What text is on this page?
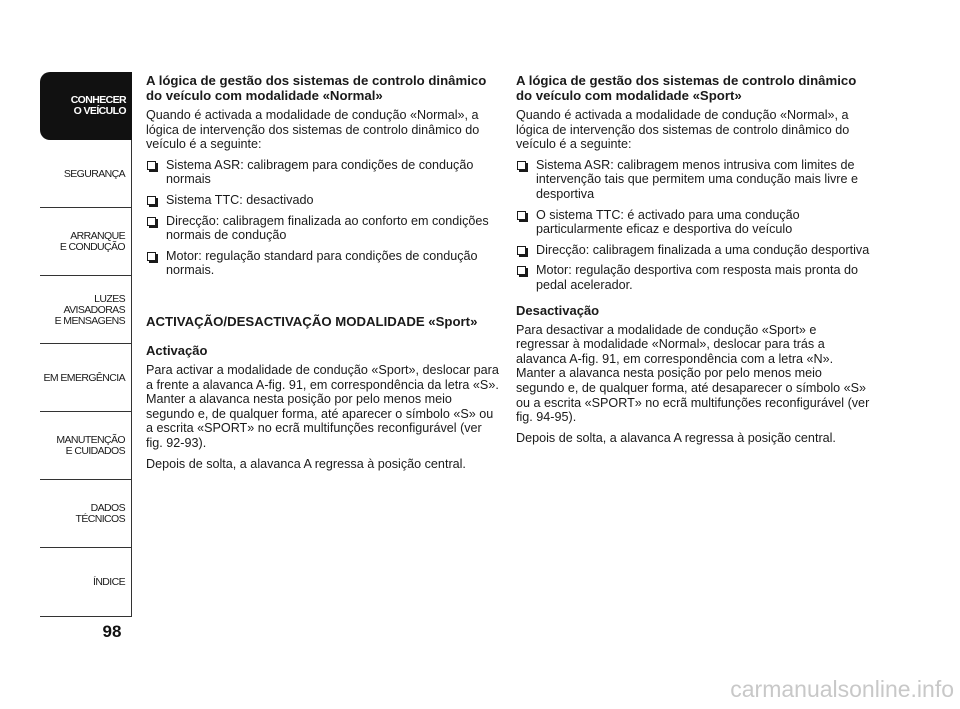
CONHECER
O VEÍCULO
SEGURANÇA
ARRANQUE
E CONDUÇÃO
LUZES
AVISADORAS
E MENSAGENS
EM EMERGÊNCIA
MANUTENÇÃO
E CUIDADOS
DADOS
TÉCNICOS
ÍNDICE
98
A lógica de gestão dos sistemas de controlo dinâmico do veículo com modalidade «Normal»

Quando é activada a modalidade de condução «Normal», a lógica de intervenção dos sistemas de controlo dinâmico do veículo é a seguinte:

Sistema ASR: calibragem para condições de condução normais
Sistema TTC: desactivado
Direcção: calibragem finalizada ao conforto em condições normais de condução
Motor: regulação standard para condições de condução normais.
ACTIVAÇÃO/DESACTIVAÇÃO MODALIDADE «Sport»
Activação

Para activar a modalidade de condução «Sport», deslocar para a frente a alavanca A-fig. 91, em correspondência da letra «S». Manter a alavanca nesta posição por pelo menos meio segundo e, de qualquer forma, até aparecer o símbolo «S» ou a escrita «SPORT» no ecrã multifunções reconfigurável (ver fig. 92-93).

Depois de solta, a alavanca A regressa à posição central.

A lógica de gestão dos sistemas de controlo dinâmico do veículo com modalidade «Sport»

Quando é activada a modalidade de condução «Normal», a lógica de intervenção dos sistemas de controlo dinâmico do veículo é a seguinte:

Sistema ASR: calibragem menos intrusiva com limites de intervenção tais que permitem uma condução mais livre e desportiva
O sistema TTC: é activado para uma condução particularmente eficaz e desportiva do veículo
Direcção: calibragem finalizada a uma condução desportiva
Motor: regulação desportiva com resposta mais pronta do pedal acelerador.
Desactivação

Para desactivar a modalidade de condução «Sport» e regressar à modalidade «Normal», deslocar para trás a alavanca A-fig. 91, em correspondência com a letra «N». Manter a alavanca nesta posição por pelo menos meio segundo e, de qualquer forma, até desaparecer o símbolo «S» ou a escrita «SPORT» no ecrã multifunções reconfigurável (ver fig. 94-95).

Depois de solta, a alavanca A regressa à posição central.

carmanualsonline.info
